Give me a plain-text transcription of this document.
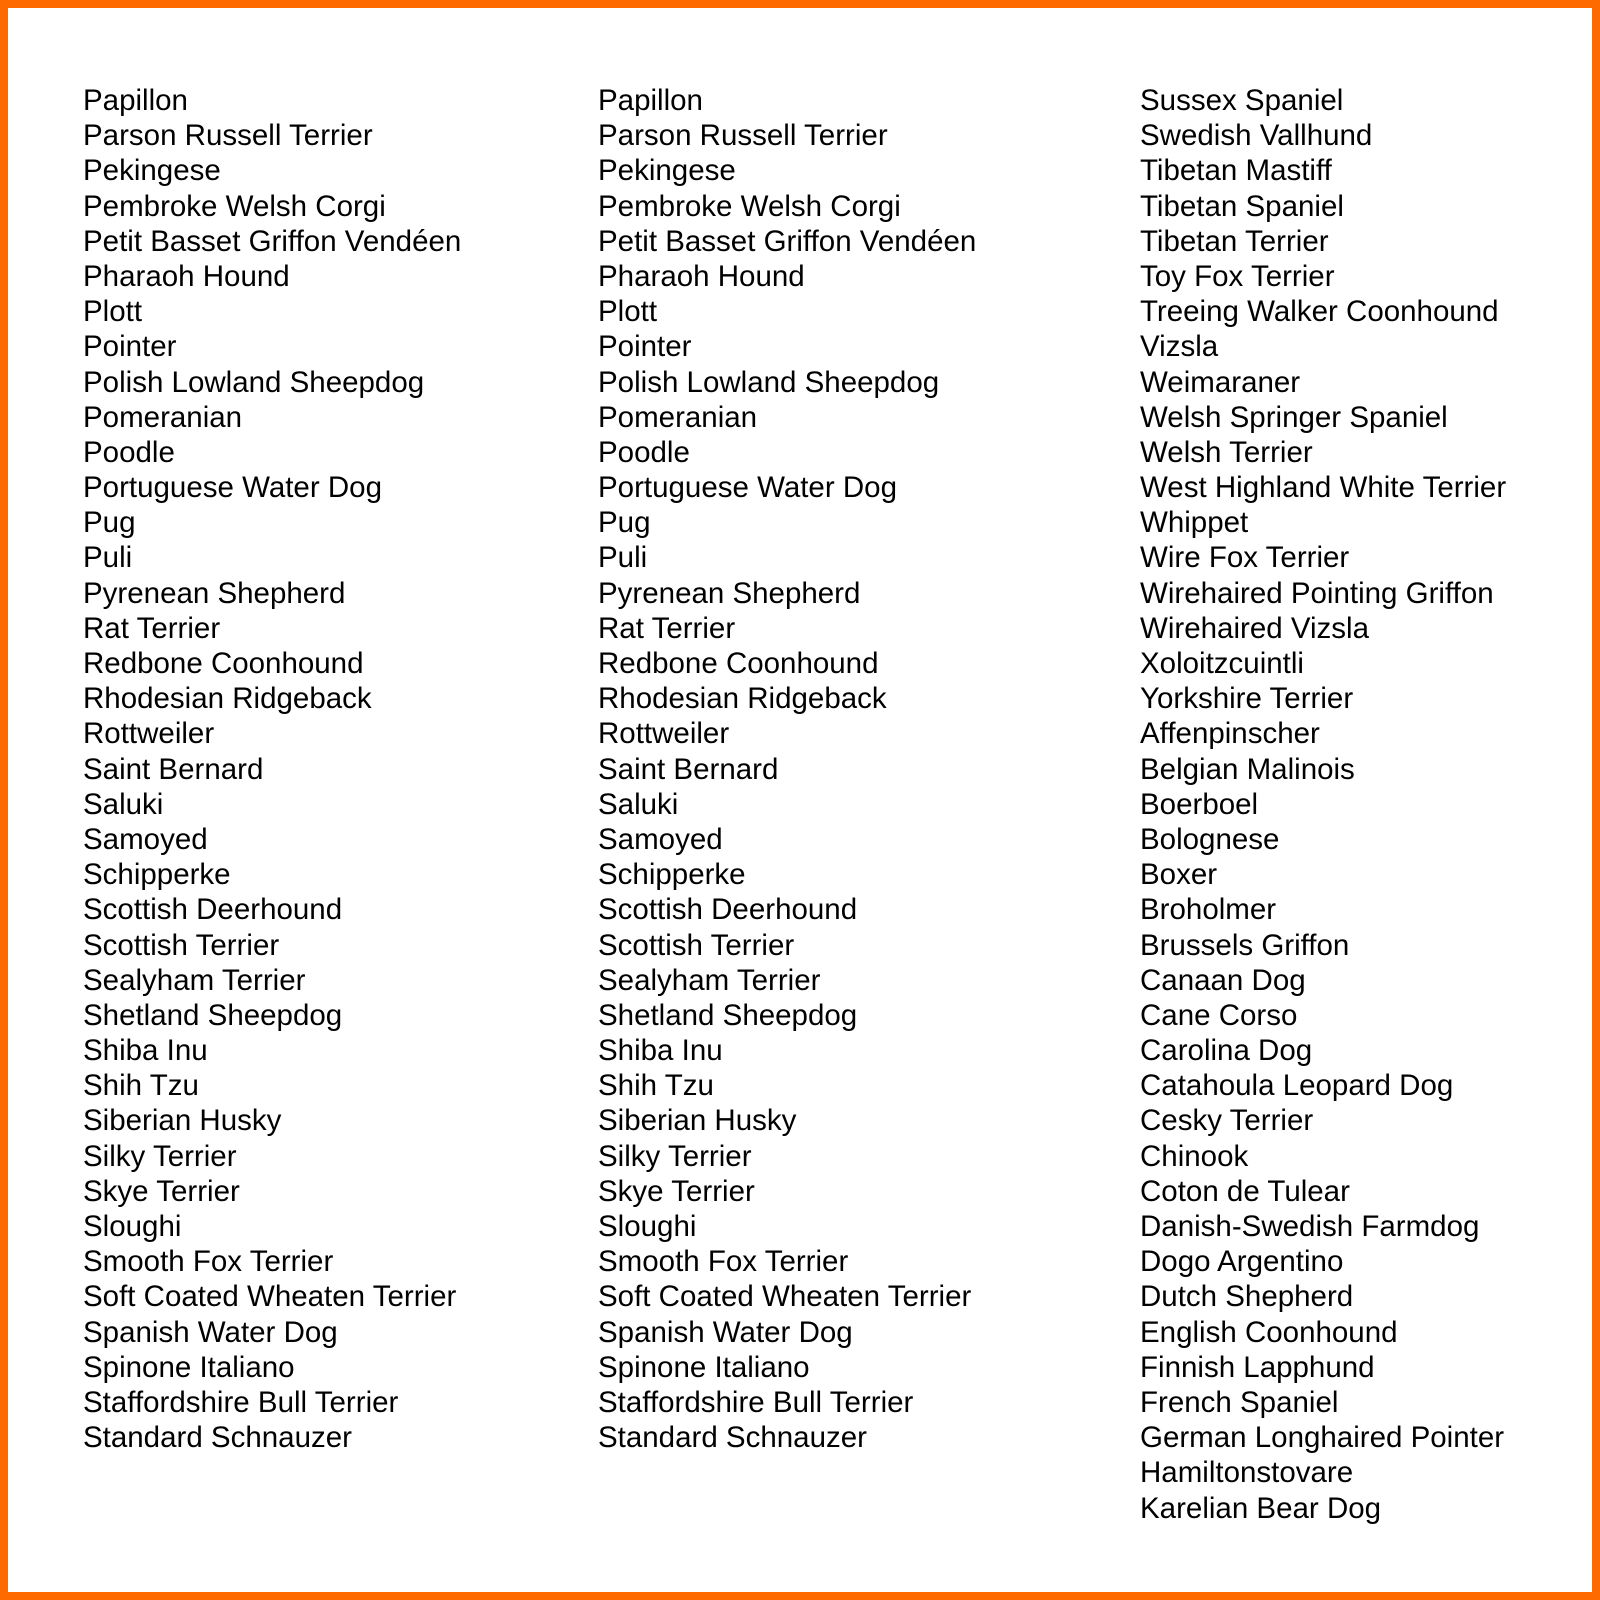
Papillon
Parson Russell Terrier
Pekingese
Pembroke Welsh Corgi
Petit Basset Griffon Vendéen
Pharaoh Hound
Plott
Pointer
Polish Lowland Sheepdog
Pomeranian
Poodle
Portuguese Water Dog
Pug
Puli
Pyrenean Shepherd
Rat Terrier
Redbone Coonhound
Rhodesian Ridgeback
Rottweiler
Saint Bernard
Saluki
Samoyed
Schipperke
Scottish Deerhound
Scottish Terrier
Sealyham Terrier
Shetland Sheepdog
Shiba Inu
Shih Tzu
Siberian Husky
Silky Terrier
Skye Terrier
Sloughi
Smooth Fox Terrier
Soft Coated Wheaten Terrier
Spanish Water Dog
Spinone Italiano
Staffordshire Bull Terrier
Standard Schnauzer
Papillon
Parson Russell Terrier
Pekingese
Pembroke Welsh Corgi
Petit Basset Griffon Vendéen
Pharaoh Hound
Plott
Pointer
Polish Lowland Sheepdog
Pomeranian
Poodle
Portuguese Water Dog
Pug
Puli
Pyrenean Shepherd
Rat Terrier
Redbone Coonhound
Rhodesian Ridgeback
Rottweiler
Saint Bernard
Saluki
Samoyed
Schipperke
Scottish Deerhound
Scottish Terrier
Sealyham Terrier
Shetland Sheepdog
Shiba Inu
Shih Tzu
Siberian Husky
Silky Terrier
Skye Terrier
Sloughi
Smooth Fox Terrier
Soft Coated Wheaten Terrier
Spanish Water Dog
Spinone Italiano
Staffordshire Bull Terrier
Standard Schnauzer
Sussex Spaniel
Swedish Vallhund
Tibetan Mastiff
Tibetan Spaniel
Tibetan Terrier
Toy Fox Terrier
Treeing Walker Coonhound
Vizsla
Weimaraner
Welsh Springer Spaniel
Welsh Terrier
West Highland White Terrier
Whippet
Wire Fox Terrier
Wirehaired Pointing Griffon
Wirehaired Vizsla
Xoloitzcuintli
Yorkshire Terrier
Affenpinscher
Belgian Malinois
Boerboel
Bolognese
Boxer
Broholmer
Brussels Griffon
Canaan Dog
Cane Corso
Carolina Dog
Catahoula Leopard Dog
Cesky Terrier
Chinook
Coton de Tulear
Danish-Swedish Farmdog
Dogo Argentino
Dutch Shepherd
English Coonhound
Finnish Lapphund
French Spaniel
German Longhaired Pointer
Hamiltonstovare
Karelian Bear Dog
